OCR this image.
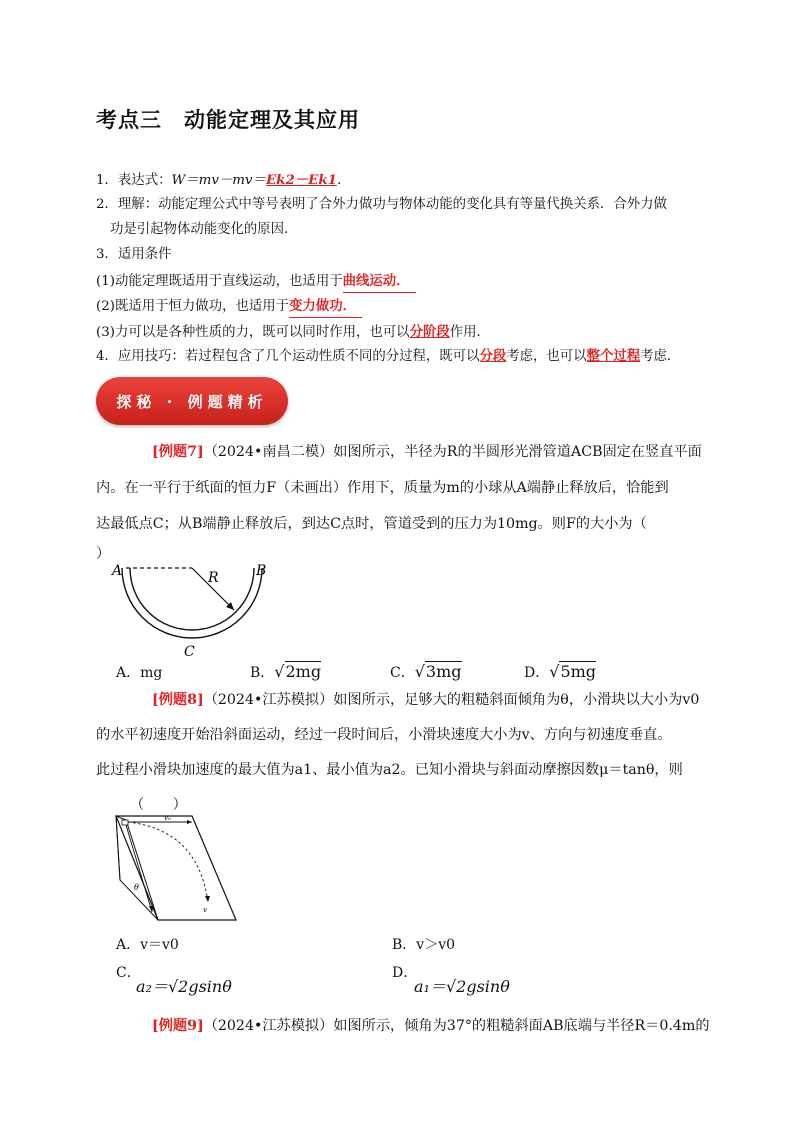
考点三　动能定理及其应用
1．表达式：W＝mv－mv＝Ek2－Ek1.
2．理解：动能定理公式中等号表明了合外力做功与物体动能的变化具有等量代换关系．合外力做
功是引起物体动能变化的原因．
3．适用条件
(1)动能定理既适用于直线运动，也适用于曲线运动．
(2)既适用于恒力做功，也适用于变力做功．
(3)力可以是各种性质的力，既可以同时作用，也可以分阶段作用．
4．应用技巧：若过程包含了几个运动性质不同的分过程，既可以分段考虑，也可以整个过程考虑．
探秘 · 例题精析
[例题7]（2024•南昌二模）如图所示，半径为R的半圆形光滑管道ACB固定在竖直平面
内。在一平行于纸面的恒力F（未画出）作用下，质量为m的小球从A端静止释放后，恰能到
达最低点C；从B端静止释放后，到达C点时，管道受到的压力为10mg。则F的大小为（
）
A	B
R
C
A．mg	B．√2mg	C．√3mg	D．√5mg
[例题8]（2024•江苏模拟）如图所示，足够大的粗糙斜面倾角为θ，小滑块以大小为v0
的水平初速度开始沿斜面运动，经过一段时间后，小滑块速度大小为v、方向与初速度垂直。
此过程小滑块加速度的最大值为a1、最小值为a2。已知小滑块与斜面动摩擦因数μ＝tanθ，则
（　　）
v₀
v
θ
A．v＝v0	B．v＞v0
C．
a₂＝√2gsinθ
D．
a₁＝√2gsinθ
[例题9]（2024•江苏模拟）如图所示，倾角为37°的粗糙斜面AB底端与半径R＝0.4m的
